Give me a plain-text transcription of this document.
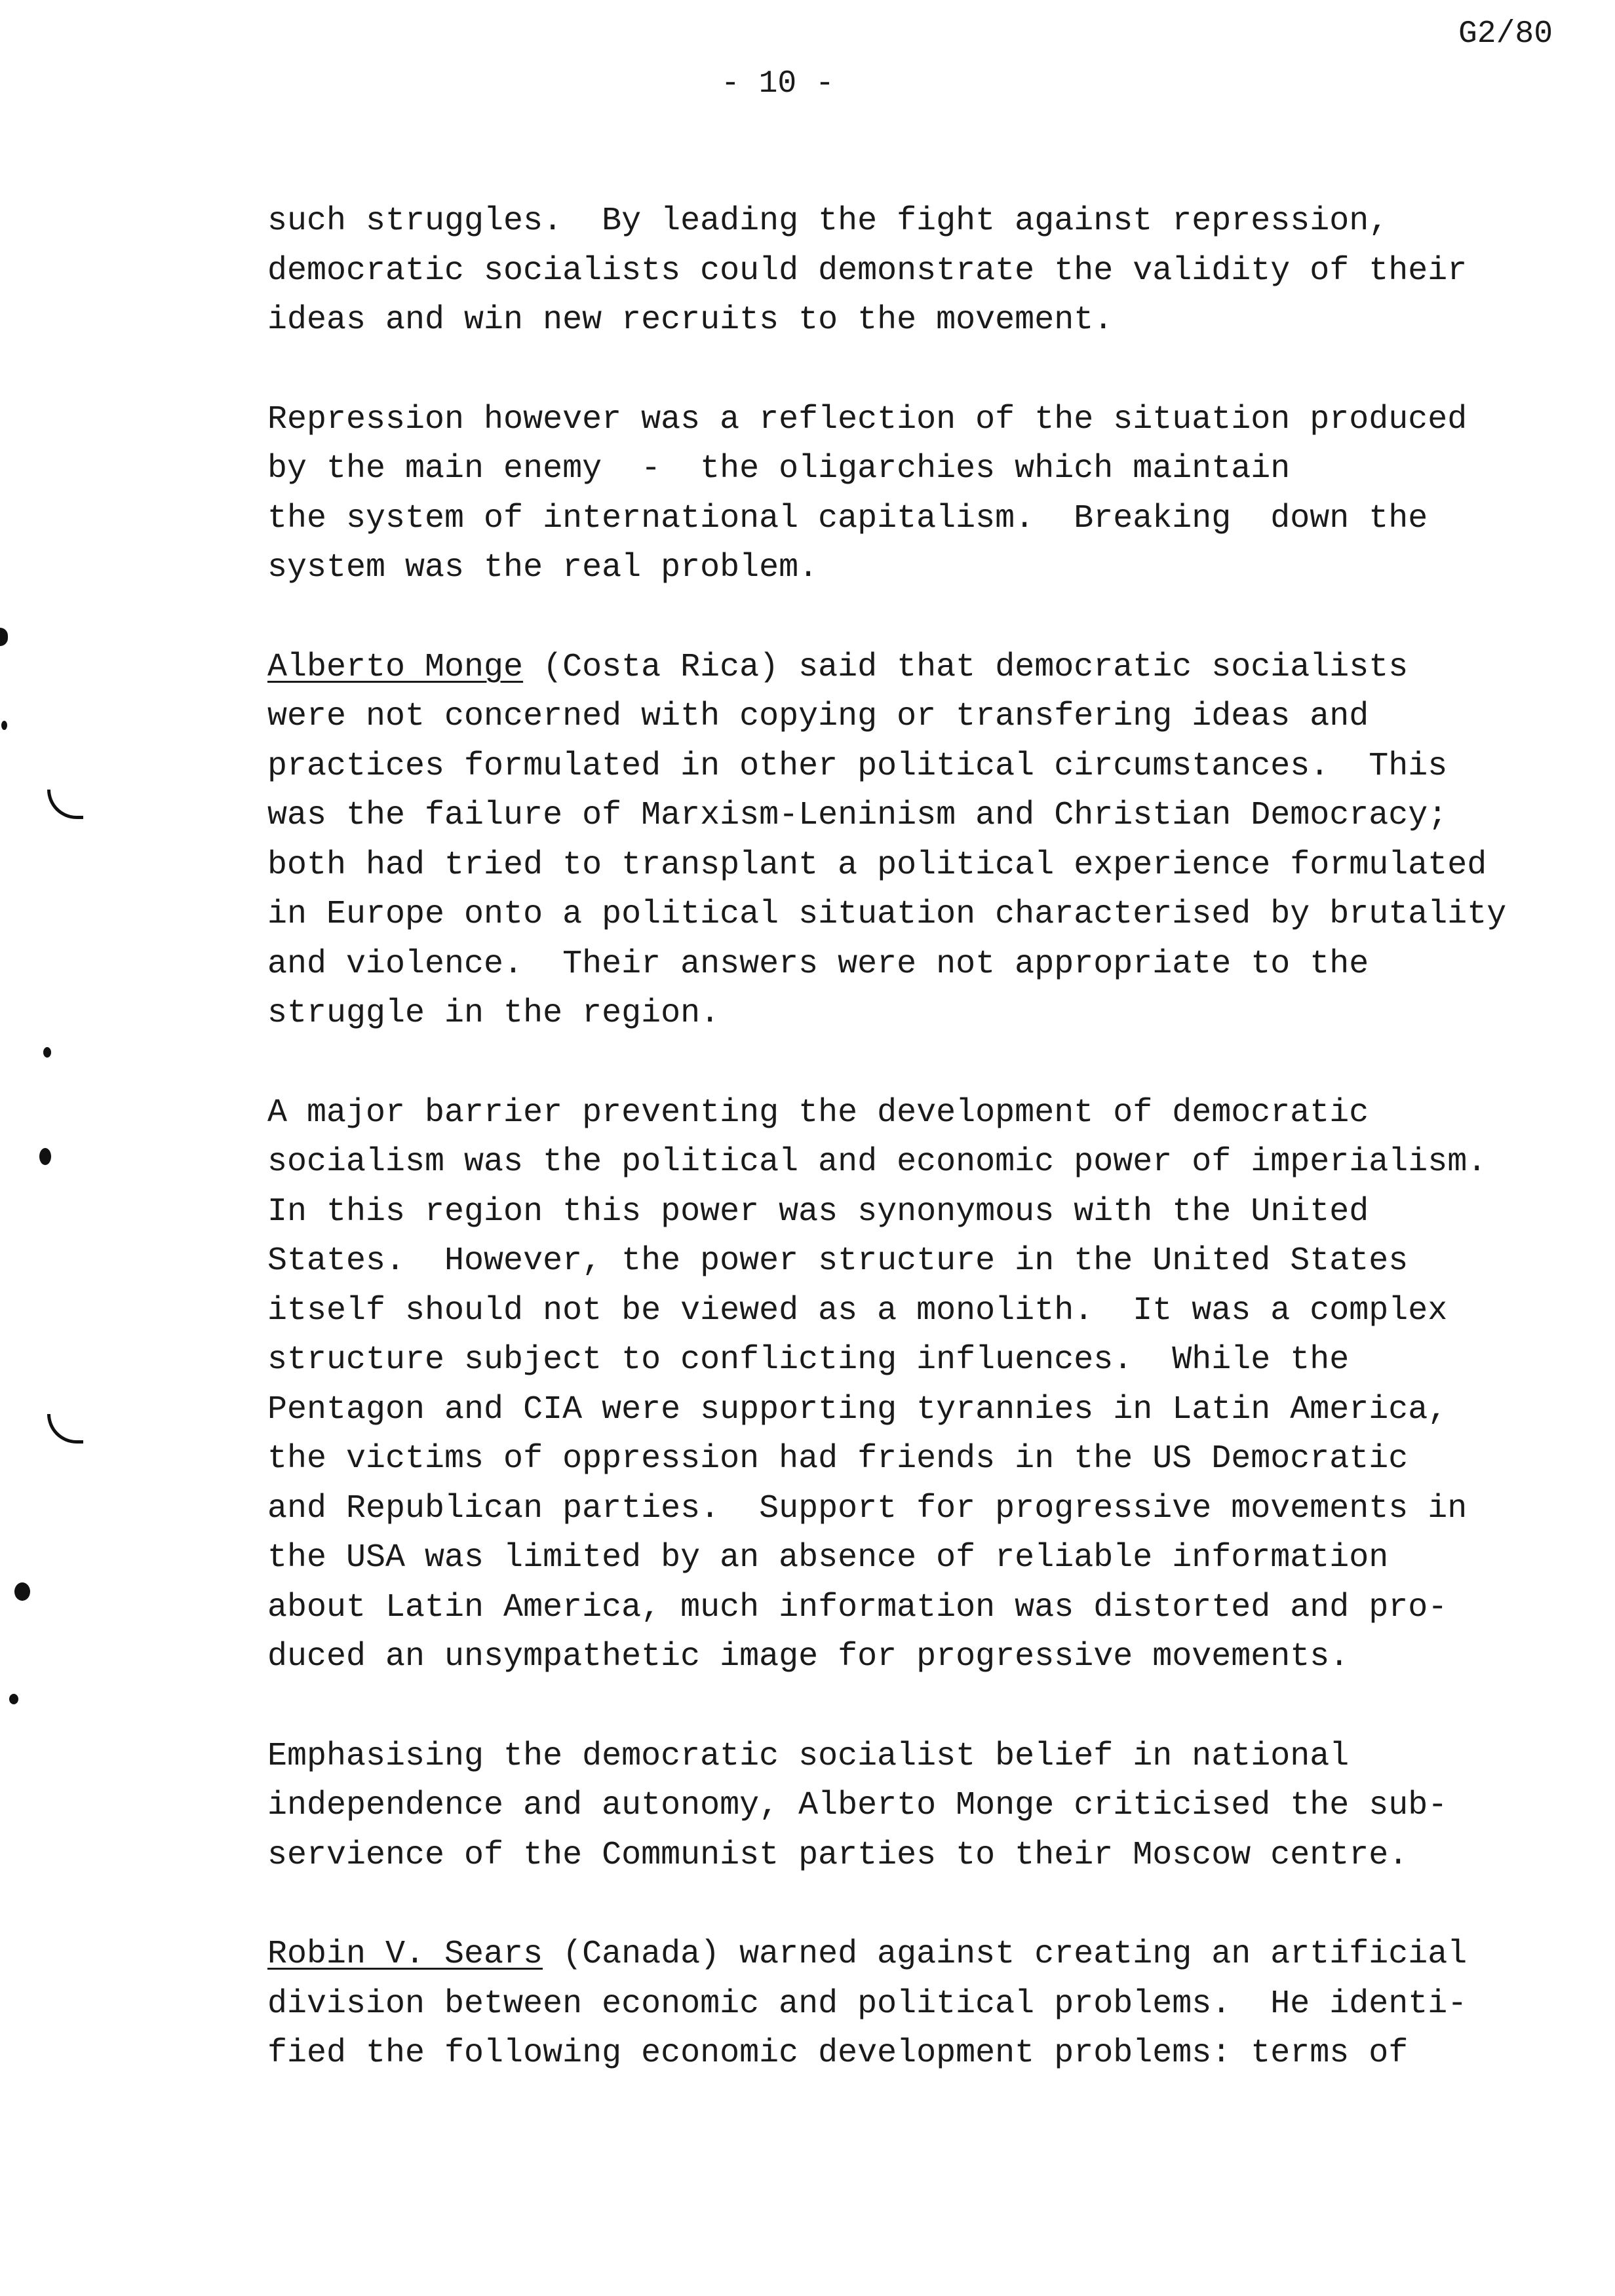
G2/80
- 10 -
such struggles.  By leading the fight against repression,
democratic socialists could demonstrate the validity of their
ideas and win new recruits to the movement.
Repression however was a reflection of the situation produced
by the main enemy  -  the oligarchies which maintain
the system of international capitalism.  Breaking  down the
system was the real problem.
Alberto Monge (Costa Rica) said that democratic socialists
were not concerned with copying or transfering ideas and
practices formulated in other political circumstances.  This
was the failure of Marxism-Leninism and Christian Democracy;
both had tried to transplant a political experience formulated
in Europe onto a political situation characterised by brutality
and violence.  Their answers were not appropriate to the
struggle in the region.
A major barrier preventing the development of democratic
socialism was the political and economic power of imperialism.
In this region this power was synonymous with the United
States.  However, the power structure in the United States
itself should not be viewed as a monolith.  It was a complex
structure subject to conflicting influences.  While the
Pentagon and CIA were supporting tyrannies in Latin America,
the victims of oppression had friends in the US Democratic
and Republican parties.  Support for progressive movements in
the USA was limited by an absence of reliable information
about Latin America, much information was distorted and pro-
duced an unsympathetic image for progressive movements.
Emphasising the democratic socialist belief in national
independence and autonomy, Alberto Monge criticised the sub-
servience of the Communist parties to their Moscow centre.
Robin V. Sears (Canada) warned against creating an artificial
division between economic and political problems.  He identi-
fied the following economic development problems: terms of
